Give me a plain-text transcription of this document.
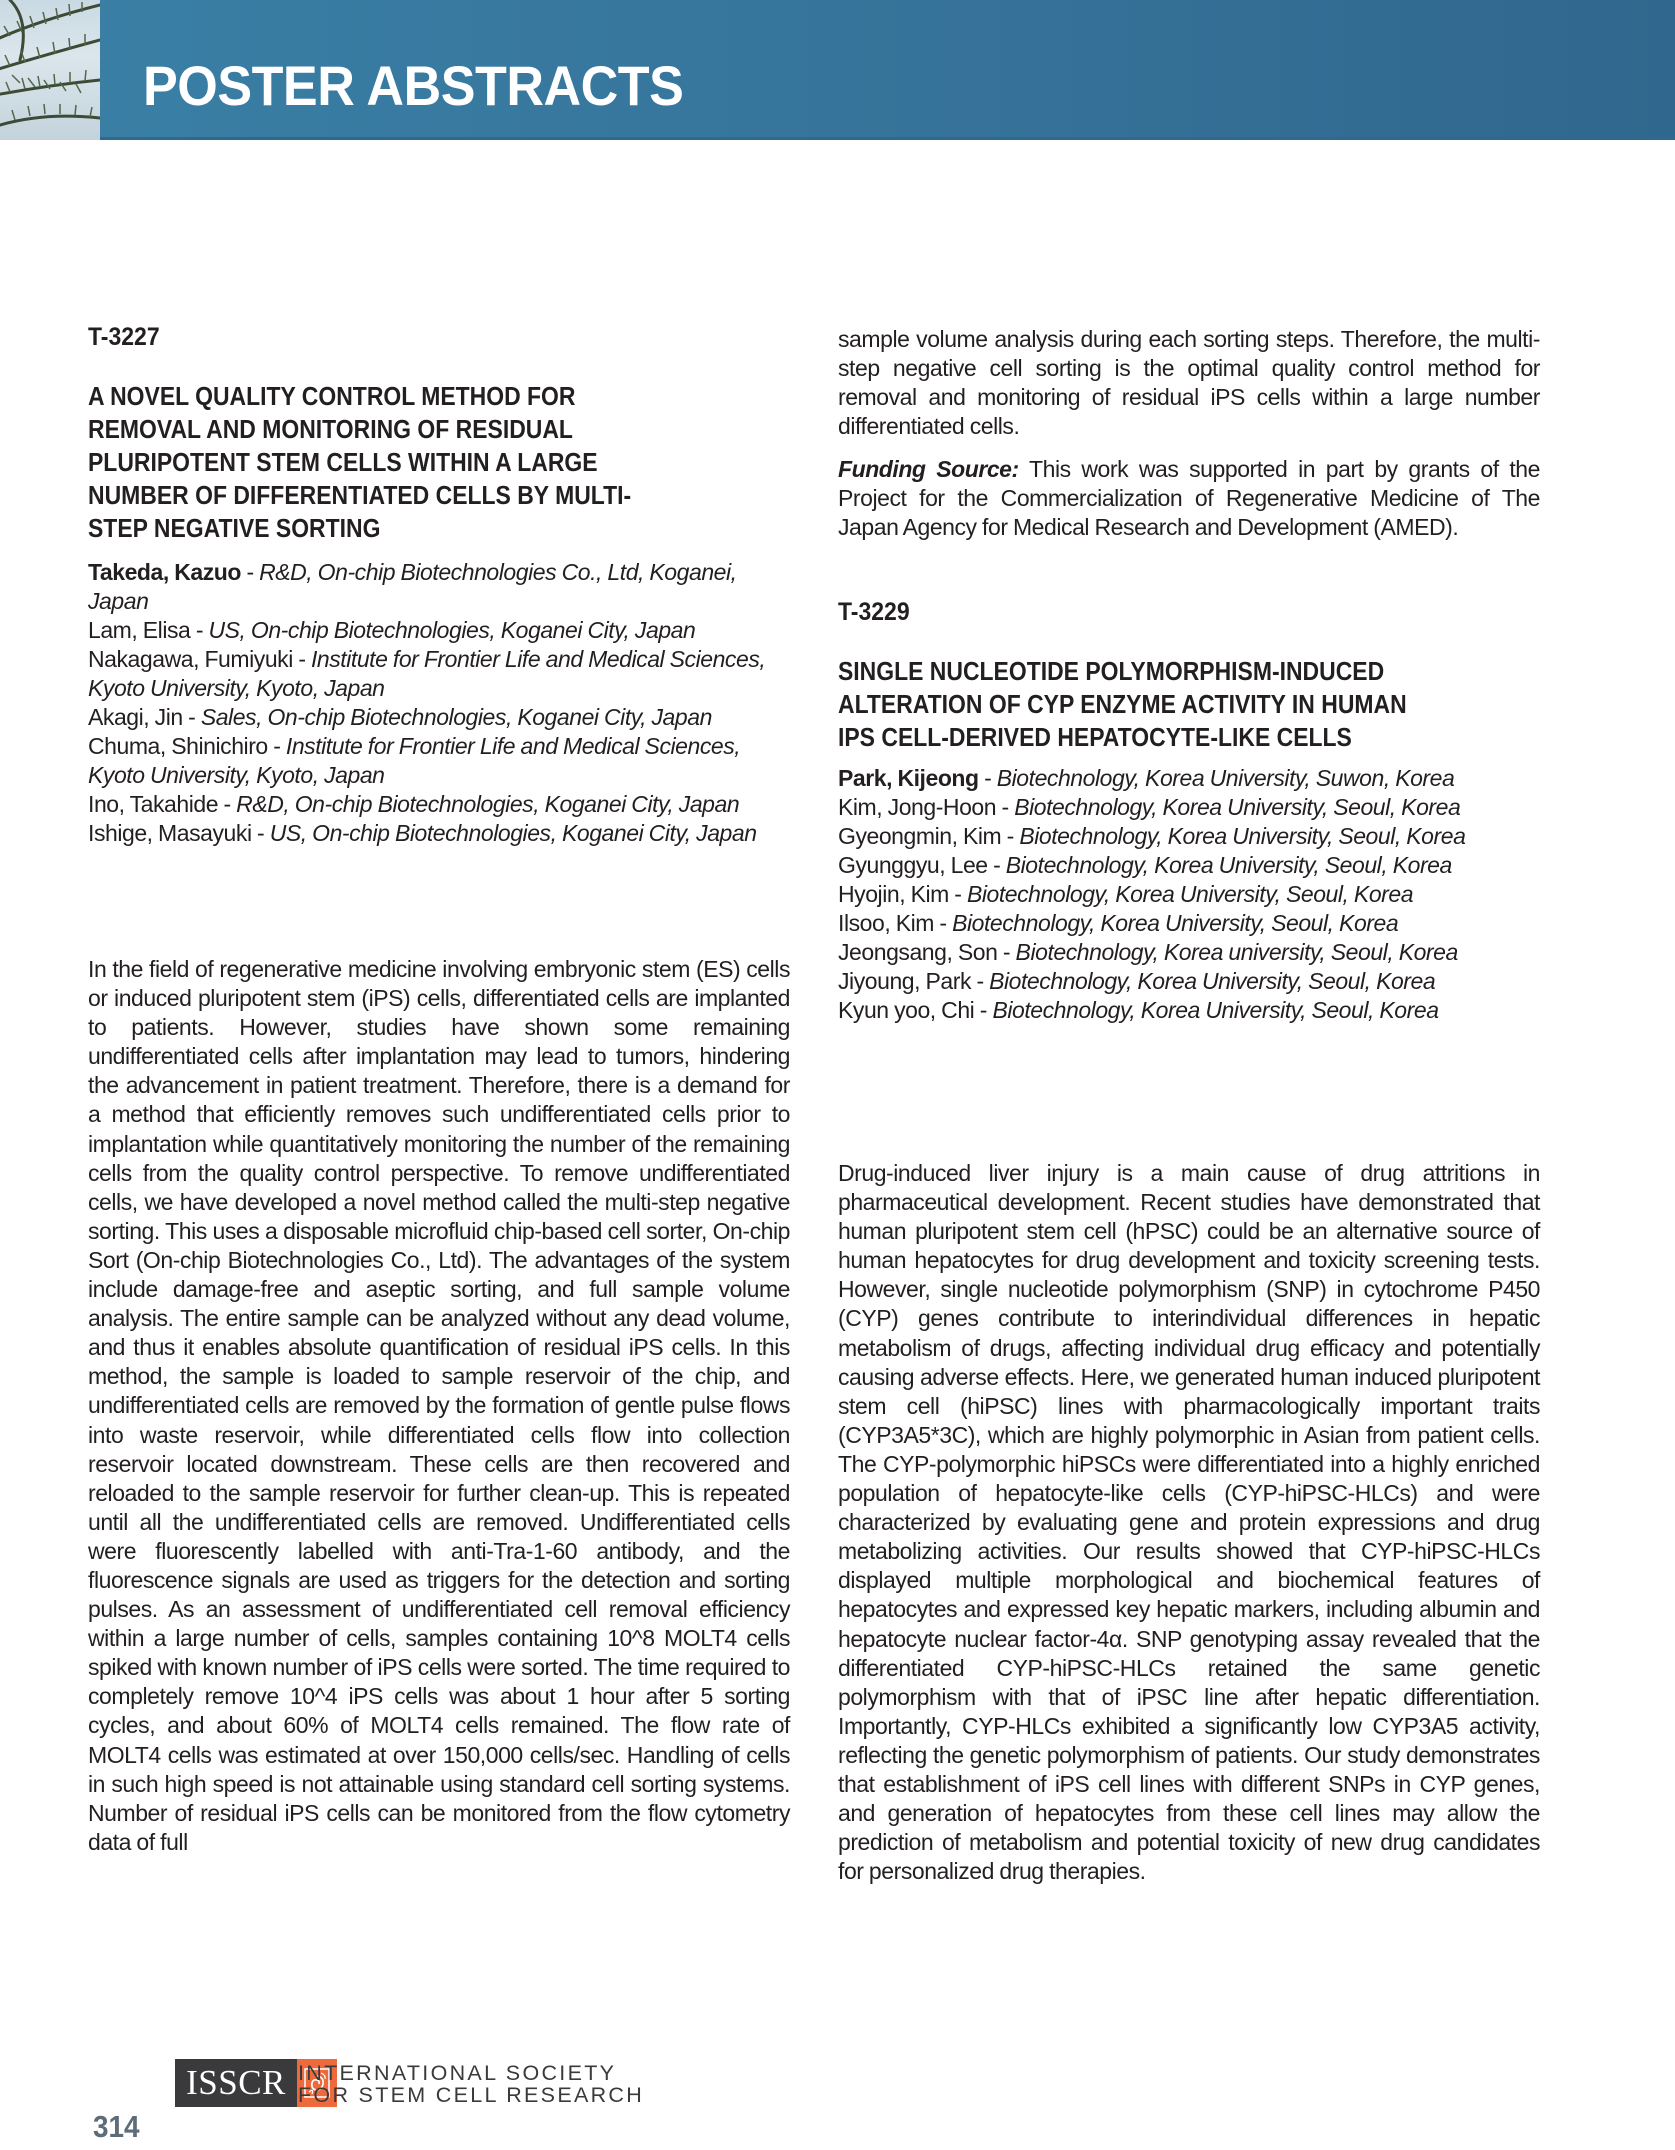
POSTER ABSTRACTS
T-3227
A NOVEL QUALITY CONTROL METHOD FOR
REMOVAL AND MONITORING OF RESIDUAL
PLURIPOTENT STEM CELLS WITHIN A LARGE
NUMBER OF DIFFERENTIATED CELLS BY MULTI-
STEP NEGATIVE SORTING
Takeda, Kazuo - R&D, On-chip Biotechnologies Co., Ltd, Koganei, Japan
Lam, Elisa - US, On-chip Biotechnologies, Koganei City, Japan
Nakagawa, Fumiyuki - Institute for Frontier Life and Medical Sciences, Kyoto University, Kyoto, Japan
Akagi, Jin - Sales, On-chip Biotechnologies, Koganei City, Japan
Chuma, Shinichiro - Institute for Frontier Life and Medical Sciences, Kyoto University, Kyoto, Japan
Ino, Takahide - R&D, On-chip Biotechnologies, Koganei City, Japan
Ishige, Masayuki - US, On-chip Biotechnologies, Koganei City, Japan
In the field of regenerative medicine involving embryonic stem (ES) cells or induced pluripotent stem (iPS) cells, differentiated cells are implanted to patients. However, studies have shown some remaining undifferentiated cells after implantation may lead to tumors, hindering the advancement in patient treatment. Therefore, there is a demand for a method that efficiently removes such undifferentiated cells prior to implantation while quantitatively monitoring the number of the remaining cells from the quality control perspective. To remove undifferentiated cells, we have developed a novel method called the multi-step negative sorting. This uses a disposable microfluid chip-based cell sorter, On-chip Sort (On-chip Biotechnologies Co., Ltd). The advantages of the system include damage-free and aseptic sorting, and full sample volume analysis. The entire sample can be analyzed without any dead volume, and thus it enables absolute quantification of residual iPS cells. In this method, the sample is loaded to sample reservoir of the chip, and undifferentiated cells are removed by the formation of gentle pulse flows into waste reservoir, while differentiated cells flow into collection reservoir located downstream. These cells are then recovered and reloaded to the sample reservoir for further clean-up. This is repeated until all the undifferentiated cells are removed. Undifferentiated cells were fluorescently labelled with anti-Tra-1-60 antibody, and the fluorescence signals are used as triggers for the detection and sorting pulses. As an assessment of undifferentiated cell removal efficiency within a large number of cells, samples containing 10^8 MOLT4 cells spiked with known number of iPS cells were sorted. The time required to completely remove 10^4 iPS cells was about 1 hour after 5 sorting cycles, and about 60% of MOLT4 cells remained. The flow rate of MOLT4 cells was estimated at over 150,000 cells/sec. Handling of cells in such high speed is not attainable using standard cell sorting systems. Number of residual iPS cells can be monitored from the flow cytometry data of full
sample volume analysis during each sorting steps. Therefore, the multi-step negative cell sorting is the optimal quality control method for removal and monitoring of residual iPS cells within a large number differentiated cells.
Funding Source: This work was supported in part by grants of the Project for the Commercialization of Regenerative Medicine of The Japan Agency for Medical Research and Development (AMED).
T-3229
SINGLE NUCLEOTIDE POLYMORPHISM-INDUCED
ALTERATION OF CYP ENZYME ACTIVITY IN HUMAN
IPS CELL-DERIVED HEPATOCYTE-LIKE CELLS
Park, Kijeong - Biotechnology, Korea University, Suwon, Korea
Kim, Jong-Hoon - Biotechnology, Korea University, Seoul, Korea
Gyeongmin, Kim - Biotechnology, Korea University, Seoul, Korea
Gyunggyu, Lee - Biotechnology, Korea University, Seoul, Korea
Hyojin, Kim - Biotechnology, Korea University, Seoul, Korea
Ilsoo, Kim - Biotechnology, Korea University, Seoul, Korea
Jeongsang, Son - Biotechnology, Korea university, Seoul, Korea
Jiyoung, Park - Biotechnology, Korea University, Seoul, Korea
Kyun yoo, Chi - Biotechnology, Korea University, Seoul, Korea
Drug-induced liver injury is a main cause of drug attritions in pharmaceutical development. Recent studies have demonstrated that human pluripotent stem cell (hPSC) could be an alternative source of human hepatocytes for drug development and toxicity screening tests. However, single nucleotide polymorphism (SNP) in cytochrome P450 (CYP) genes contribute to interindividual differences in hepatic metabolism of drugs, affecting individual drug efficacy and potentially causing adverse effects. Here, we generated human induced pluripotent stem cell (hiPSC) lines with pharmacologically important traits (CYP3A5*3C), which are highly polymorphic in Asian from patient cells. The CYP-polymorphic hiPSCs were differentiated into a highly enriched population of hepatocyte-like cells (CYP-hiPSC-HLCs) and were characterized by evaluating gene and protein expressions and drug metabolizing activities. Our results showed that CYP-hiPSC-HLCs displayed multiple morphological and biochemical features of hepatocytes and expressed key hepatic markers, including albumin and hepatocyte nuclear factor-4α. SNP genotyping assay revealed that the differentiated CYP-hiPSC-HLCs retained the same genetic polymorphism with that of iPSC line after hepatic differentiation. Importantly, CYP-HLCs exhibited a significantly low CYP3A5 activity, reflecting the genetic polymorphism of patients. Our study demonstrates that establishment of iPS cell lines with different SNPs in CYP genes, and generation of hepatocytes from these cell lines may allow the prediction of metabolism and potential toxicity of new drug candidates for personalized drug therapies.
314
ISSCR INTERNATIONAL SOCIETY
FOR STEM CELL RESEARCH
